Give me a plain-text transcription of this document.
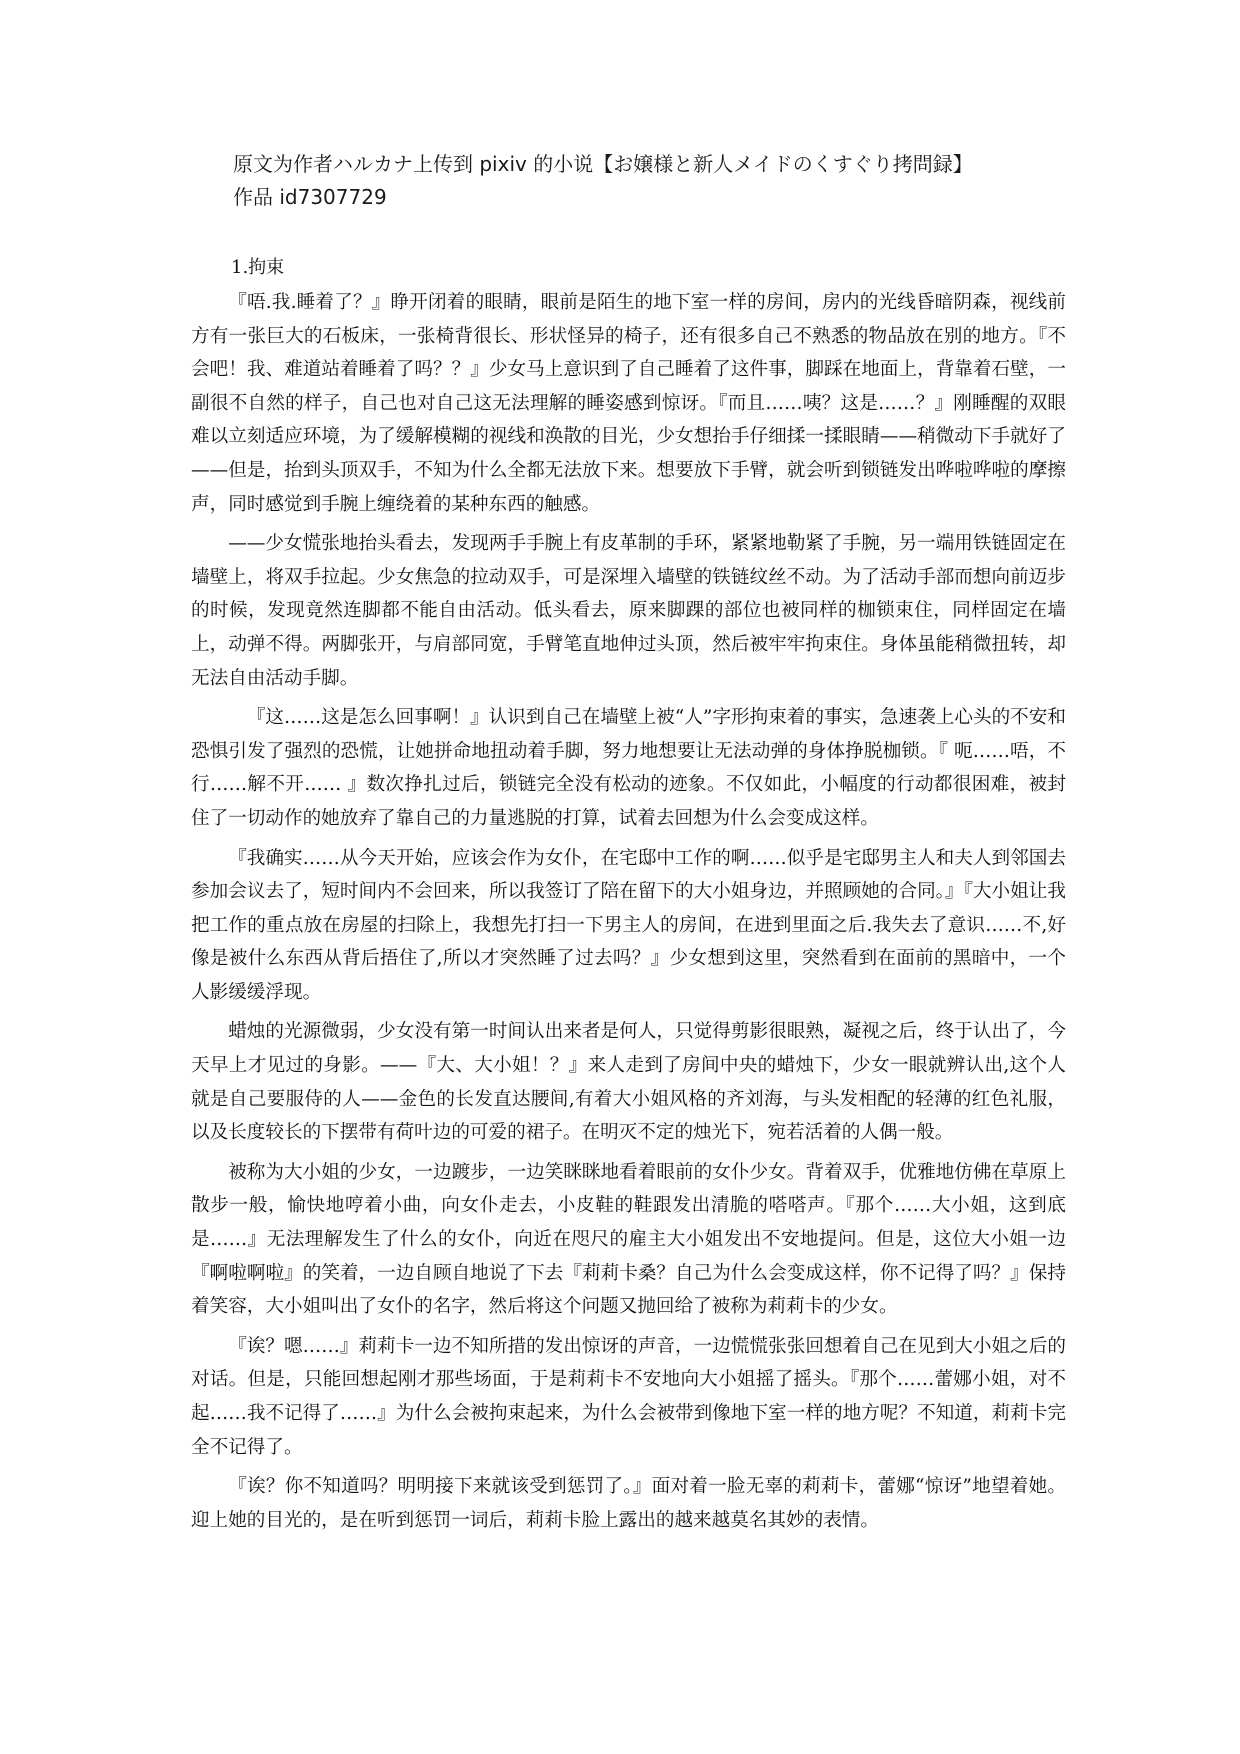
原文为作者ハルカナ上传到 pixiv 的小说【お嬢様と新人メイドのくすぐり拷問録】
作品 id7307729
1.拘束

『唔.我.睡着了？』睁开闭着的眼睛，眼前是陌生的地下室一样的房间，房内的光线昏暗阴森，视线前方有一张巨大的石板床，一张椅背很长、形状怪异的椅子，还有很多自己不熟悉的物品放在别的地方。『不会吧！我、难道站着睡着了吗？？』少女马上意识到了自己睡着了这件事，脚踩在地面上，背靠着石壁，一副很不自然的样子，自己也对自己这无法理解的睡姿感到惊讶。『而且……咦？这是……？』刚睡醒的双眼难以立刻适应环境，为了缓解模糊的视线和涣散的目光，少女想抬手仔细揉一揉眼睛——稍微动下手就好了——但是，抬到头顶双手，不知为什么全都无法放下来。想要放下手臂，就会听到锁链发出哗啦哗啦的摩擦声，同时感觉到手腕上缠绕着的某种东西的触感。

——少女慌张地抬头看去，发现两手手腕上有皮革制的手环，紧紧地勒紧了手腕，另一端用铁链固定在墙壁上，将双手拉起。少女焦急的拉动双手，可是深埋入墙壁的铁链纹丝不动。为了活动手部而想向前迈步的时候，发现竟然连脚都不能自由活动。低头看去，原来脚踝的部位也被同样的枷锁束住，同样固定在墙上，动弹不得。两脚张开，与肩部同宽，手臂笔直地伸过头顶，然后被牢牢拘束住。身体虽能稍微扭转，却无法自由活动手脚。

『这……这是怎么回事啊！』认识到自己在墙壁上被“人”字形拘束着的事实，急速袭上心头的不安和恐惧引发了强烈的恐慌，让她拼命地扭动着手脚，努力地想要让无法动弹的身体挣脱枷锁。『 呃……唔，不行……解不开…… 』数次挣扎过后，锁链完全没有松动的迹象。不仅如此，小幅度的行动都很困难，被封住了一切动作的她放弃了靠自己的力量逃脱的打算，试着去回想为什么会变成这样。

『我确实……从今天开始，应该会作为女仆，在宅邸中工作的啊……似乎是宅邸男主人和夫人到邻国去参加会议去了，短时间内不会回来，所以我签订了陪在留下的大小姐身边，并照顾她的合同。』『大小姐让我把工作的重点放在房屋的扫除上，我想先打扫一下男主人的房间，在进到里面之后.我失去了意识……不,好像是被什么东西从背后捂住了,所以才突然睡了过去吗？』少女想到这里，突然看到在面前的黑暗中，一个人影缓缓浮现。

蜡烛的光源微弱，少女没有第一时间认出来者是何人，只觉得剪影很眼熟，凝视之后，终于认出了，今天早上才见过的身影。——『大、大小姐！？』来人走到了房间中央的蜡烛下，少女一眼就辨认出,这个人就是自己要服侍的人——金色的长发直达腰间,有着大小姐风格的齐刘海，与头发相配的轻薄的红色礼服，以及长度较长的下摆带有荷叶边的可爱的裙子。在明灭不定的烛光下，宛若活着的人偶一般。

被称为大小姐的少女，一边踱步，一边笑眯眯地看着眼前的女仆少女。背着双手，优雅地仿佛在草原上散步一般，愉快地哼着小曲，向女仆走去，小皮鞋的鞋跟发出清脆的嗒嗒声。『那个……大小姐，这到底是……』无法理解发生了什么的女仆，向近在咫尺的雇主大小姐发出不安地提问。但是，这位大小姐一边『啊啦啊啦』的笑着，一边自顾自地说了下去『莉莉卡桑？自己为什么会变成这样，你不记得了吗？』保持着笑容，大小姐叫出了女仆的名字，然后将这个问题又抛回给了被称为莉莉卡的少女。

『诶？嗯……』莉莉卡一边不知所措的发出惊讶的声音，一边慌慌张张回想着自己在见到大小姐之后的对话。但是，只能回想起刚才那些场面，于是莉莉卡不安地向大小姐摇了摇头。『那个……蕾娜小姐，对不起……我不记得了……』为什么会被拘束起来，为什么会被带到像地下室一样的地方呢？不知道，莉莉卡完全不记得了。

『诶？你不知道吗？明明接下来就该受到惩罚了。』面对着一脸无辜的莉莉卡，蕾娜“惊讶”地望着她。迎上她的目光的，是在听到惩罚一词后，莉莉卡脸上露出的越来越莫名其妙的表情。
